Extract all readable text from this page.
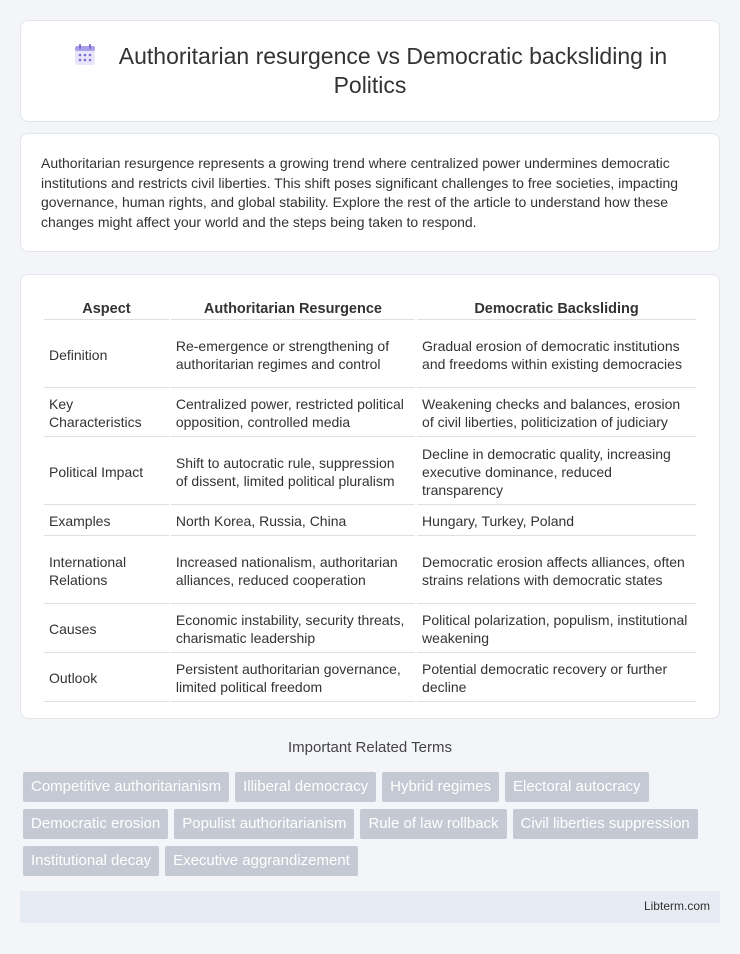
Authoritarian resurgence vs Democratic backsliding in Politics

Authoritarian resurgence represents a growing trend where centralized power undermines democratic institutions and restricts civil liberties. This shift poses significant challenges to free societies, impacting governance, human rights, and global stability. Explore the rest of the article to understand how these changes might affect your world and the steps being taken to respond.

Aspect	Authoritarian Resurgence	Democratic Backsliding
Definition	Re-emergence or strengthening of authoritarian regimes and control	Gradual erosion of democratic institutions and freedoms within existing democracies
Key Characteristics	Centralized power, restricted political opposition, controlled media	Weakening checks and balances, erosion of civil liberties, politicization of judiciary
Political Impact	Shift to autocratic rule, suppression of dissent, limited political pluralism	Decline in democratic quality, increasing executive dominance, reduced transparency
Examples	North Korea, Russia, China	Hungary, Turkey, Poland
International Relations	Increased nationalism, authoritarian alliances, reduced cooperation	Democratic erosion affects alliances, often strains relations with democratic states
Causes	Economic instability, security threats, charismatic leadership	Political polarization, populism, institutional weakening
Outlook	Persistent authoritarian governance, limited political freedom	Potential democratic recovery or further decline
Important Related Terms
Competitive authoritarianism	Illiberal democracy	Hybrid regimes	Electoral autocracy
Democratic erosion	Populist authoritarianism	Rule of law rollback	Civil liberties suppression
Institutional decay	Executive aggrandizement
Libterm.com
